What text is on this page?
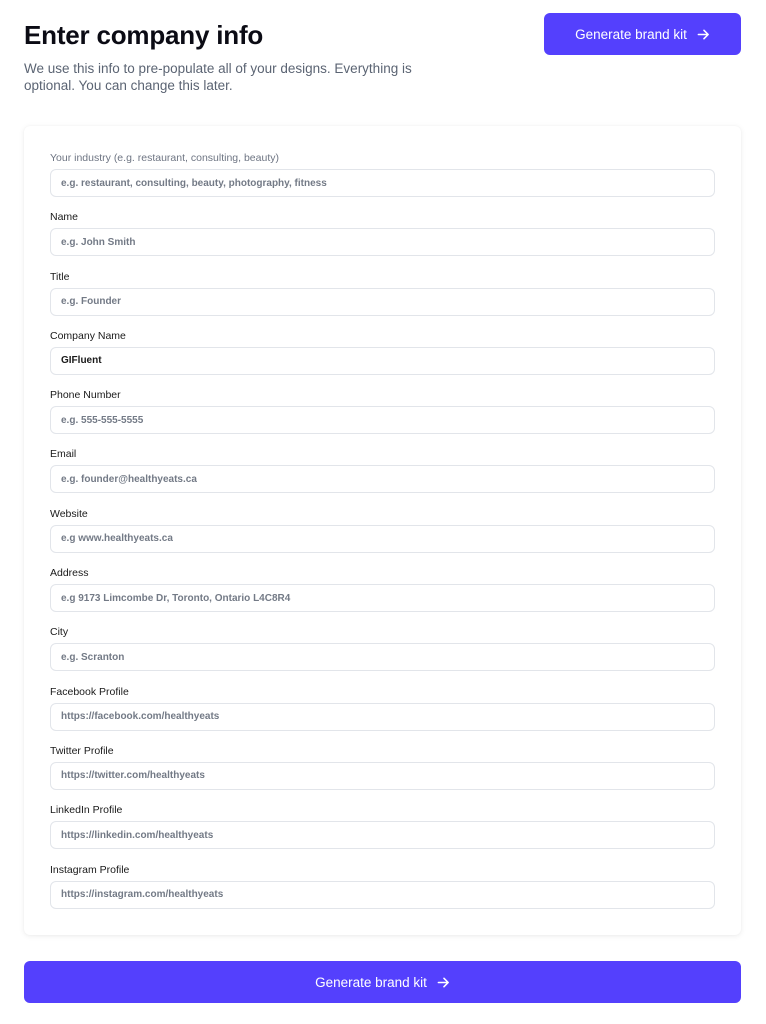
Enter company info

We use this info to pre-populate all of your designs. Everything is optional. You can change this later.

Generate brand kit
Your industry (e.g. restaurant, consulting, beauty)
e.g. restaurant, consulting, beauty, photography, fitness
Name
e.g. John Smith
Title
e.g. Founder
Company Name
GIFluent
Phone Number
e.g. 555-555-5555
Email
e.g. founder@healthyeats.ca
Website
e.g www.healthyeats.ca
Address
e.g 9173 Limcombe Dr, Toronto, Ontario L4C8R4
City
e.g. Scranton
Facebook Profile
https://facebook.com/healthyeats
Twitter Profile
https://twitter.com/healthyeats
LinkedIn Profile
https://linkedin.com/healthyeats
Instagram Profile
https://instagram.com/healthyeats
Generate brand kit
